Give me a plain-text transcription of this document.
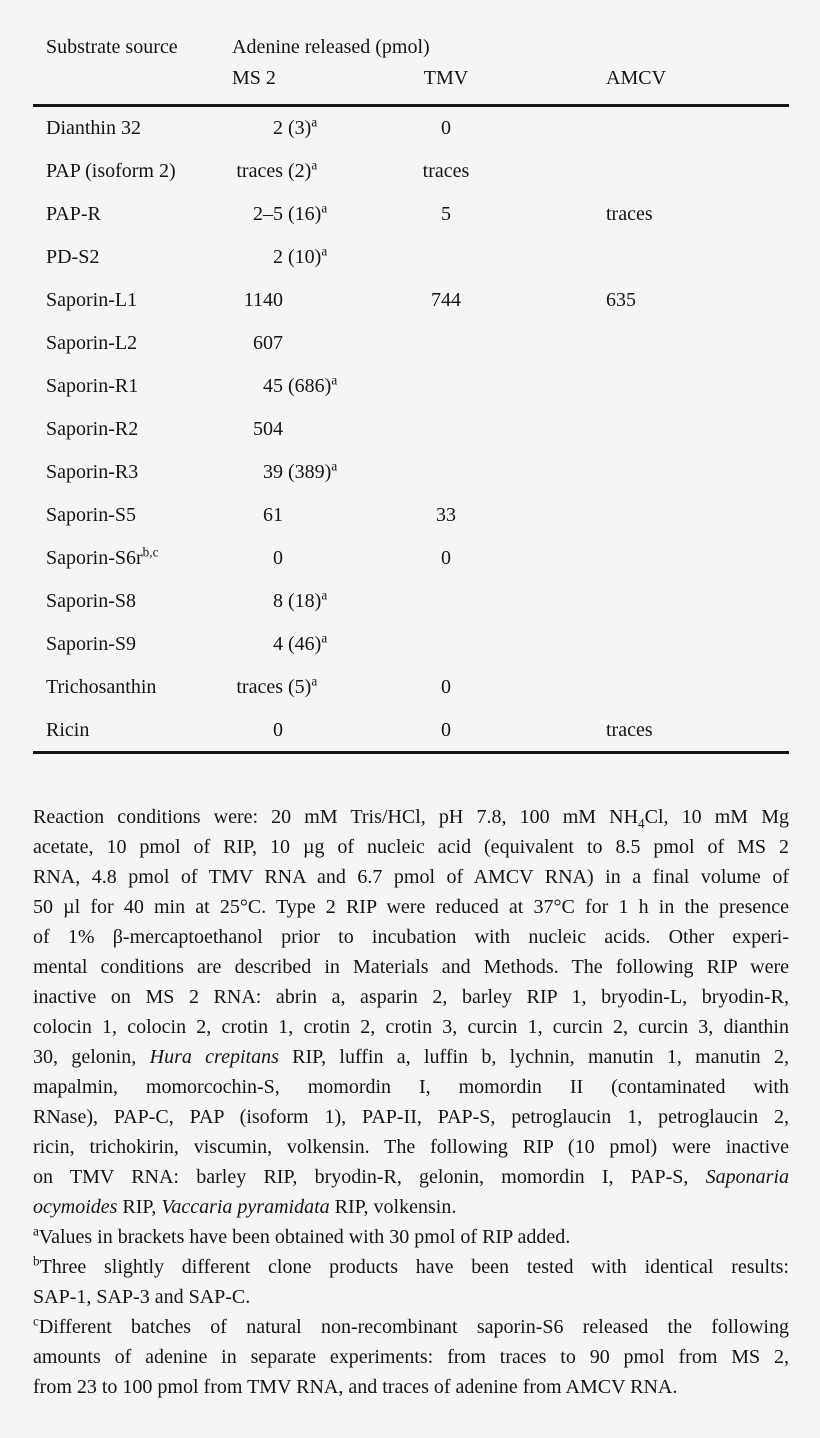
Substrate source	Adenine released (pmol)
MS 2	TMV	AMCV
Dianthin 32	2 $(3)^a$	0
PAP (isoform 2)	traces $(2)^a$	traces
PAP-R	2–5 $(16)^a$	5	traces
PD-S2	2 $(10)^a$
Saporin-L1	1140	744	635
Saporin-L2	607
Saporin-R1	45 $(686)^a$
Saporin-R2	504
Saporin-R3	39 $(389)^a$
Saporin-S5	61	33
Saporin-$S6r^{b,c}$	0	0
Saporin-S8	8 $(18)^a$
Saporin-S9	4 $(46)^a$
Trichosanthin	traces $(5)^a$	0
Ricin	0	0	traces
Reaction conditions were: 20 mM Tris/HCl, pH 7.8, 100 mM $NH_4Cl$, 10 mM Mg
acetate, 10 pmol of RIP, 10 µg of nucleic acid (equivalent to 8.5 pmol of MS 2
RNA, 4.8 pmol of TMV RNA and 6.7 pmol of AMCV RNA) in a final volume of
50 µl for 40 min at 25°C. Type 2 RIP were reduced at 37°C for 1 h in the presence
of 1% β-mercaptoethanol prior to incubation with nucleic acids. Other experi-
mental conditions are described in Materials and Methods. The following RIP were
inactive on MS 2 RNA: abrin a, asparin 2, barley RIP 1, bryodin-L, bryodin-R,
colocin 1, colocin 2, crotin 1, crotin 2, crotin 3, curcin 1, curcin 2, curcin 3, dianthin
30, gelonin, Hura crepitans RIP, luffin a, luffin b, lychnin, manutin 1, manutin 2,
mapalmin, momorcochin-S, momordin I, momordin II (contaminated with
RNase), PAP-C, PAP (isoform 1), PAP-II, PAP-S, petroglaucin 1, petroglaucin 2,
ricin, trichokirin, viscumin, volkensin. The following RIP (10 pmol) were inactive
on TMV RNA: barley RIP, bryodin-R, gelonin, momordin I, PAP-S, Saponaria
ocymoides RIP, Vaccaria pyramidata RIP, volkensin.
$^a$Values in brackets have been obtained with 30 pmol of RIP added.
$^b$Three slightly different clone products have been tested with identical results:
SAP-1, SAP-3 and SAP-C.
$^c$Different batches of natural non-recombinant saporin-S6 released the following
amounts of adenine in separate experiments: from traces to 90 pmol from MS 2,
from 23 to 100 pmol from TMV RNA, and traces of adenine from AMCV RNA.
